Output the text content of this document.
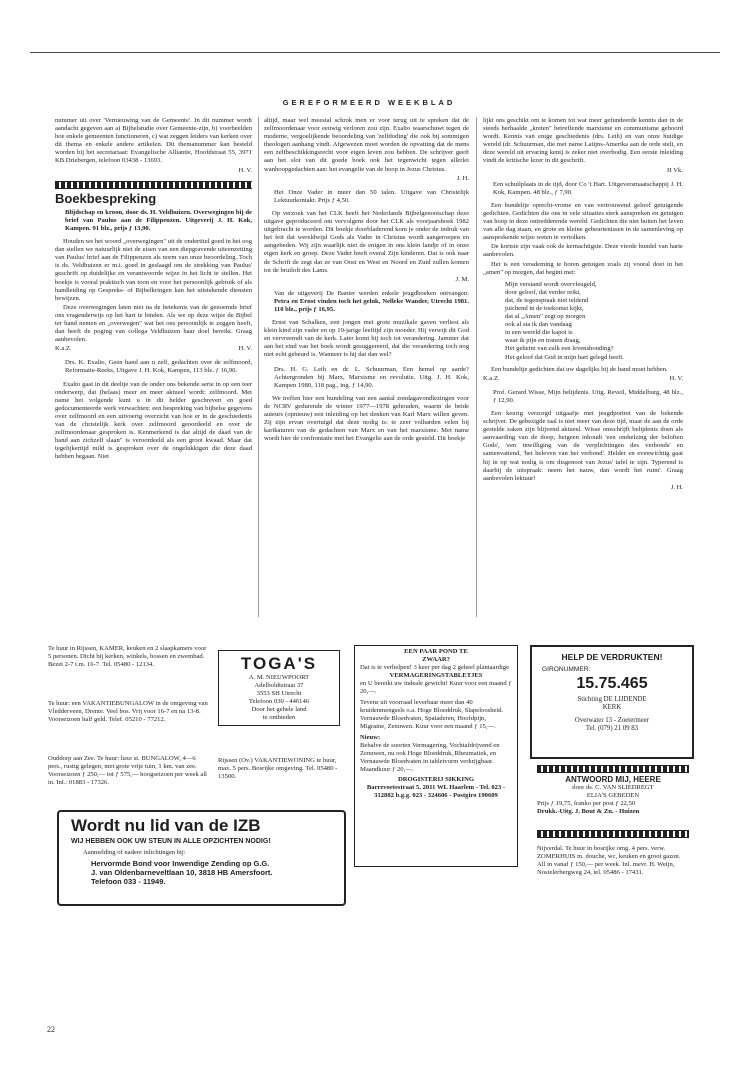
GEREFORMEERD WEEKBLAD

nummer uit over 'Vernieuwing van de Gemeente'. In dit nummer wordt aandacht gegeven aan a) Bijbelstudie over Gemeente-zijn, b) voorbeelden hoe enkele gemeenten functioneren, c) wat zeggen leiders van kerken over dit thema en enkele andere artikelen. Dit themanummer kan besteld worden bij het secretariaat: Evangelische Alliantie, Hoofdstraat 55, 3971 KB Driebergen, telefoon 03438 - 13693.

H. V.

Boekbespreking

Blijdschap en kroon, door ds. H. Veldhuizen. Overwegingen bij de brief van Paulus aan de Filippenzen. Uitgeverij J. H. Kok, Kampen. 91 blz., prijs ƒ 13,90.

Houden we het woord „overwegingen" uit de ondertitel goed in het oog dan stellen we natuurlijk niet de eisen van een diepgravende uiteenzetting van Paulus' brief aan de Filippenzen als norm van onze beoordeling. Toch is ds. Veldhuizen er m.i. goed in geslaagd om de strekking van Paulus' geschrift op duidelijke en verantwoorde wijze in het licht te stellen. Het boekje is vooral praktisch van toon en voor het persoonlijk gebruik of als handleiding op Gespreks- of Bijbelkringen kan het uitstekende diensten bewijzen.

Deze overwegingen laten niet na de betekenis van de genoemde brief ons vragenderwijs op het hart te binden. Als we op deze wijze de Bijbel ter hand nemen en „overwegen" wat het ons persoonlijk te zeggen heeft, dan heeft de poging van collega Veldhuizen haar doel bereikt. Graag aanbevolen.

K.a.Z.	H. V.

Drs. K. Exalto, Geen hand aan u zelf, gedachten over de zelfmoord, Reformatie-Reeks, Uitgave J. H. Kok, Kampen, 113 blz. ƒ 16,90.

Exalto gaat in dit deeltje van de onder ons bekende serie in op een teer onderwerp, dat (helaas) meer en meer aktueel wordt: zelfmoord. Met name het volgende kunt u in dit helder geschreven en goed gedocumenteerde werk verwachten: een bespreking van bijbelse gegevens over zelfmoord en een uitvoerig overzicht van hoe er in de geschiedenis van de christelijk kerk over zelfmoord geoordeeld en over de zelfmoordenaar gesproken is. Kenmerkend is dat altijd de dàad van de hand aan zichzelf slaan" is veroordeeld als een groot kwaad. Maar dat tegelijkertijd mild is gesproken over de ongelukkigen die deze daad hebben begaan. Niet

altijd, maar wel meestal schrok men er voor terug uit te spreken dat de zelfmoordenaar voor eeuwig verloren zou zijn. Exalto waarschuwt tegen de moderne, vergoelijkende beoordeling van 'zelfdoding' die ook bij sommigen theologen aanhang vindt. Afgewezen moet worden de opvatting dat de mens een zelfbeschikkingsrecht voor eigen leven zou hebben. De schrijver geeft aan het slot van dit goede boek ook het tegenwicht tegen allerlei wanhoopgedachten aan: het evangelie van de hoop in Jezus Christus.

J. H.

Het Onze Vader in meer dan 50 talen. Uitgave van Christelijk Lektuurkontakt. Prijs ƒ 4,50.

Op verzoek van het CLK heeft het Nederlands Bijbelgenootschap deze uitgave geproduceerd om vervolgens door het CLK als voorjaarsboek 1982 uitgebracht te worden. Dit boekje doorbladerend kom je onder de indruk van het feit dat wereldwijd Gods als Vader in Christus wordt aangeroepen en aangebeden. Wij zijn waarlijk niet de enigen in ons klein landje of in onze eigen kerk en groep. Deze Vader heeft overal Zijn kinderen. Dat is ook naar de Schrift de zegt dat ze van Oost en West en Noord en Zuid zullen komen tot de bruiloft des Lams.

J. M.

Van de uitgeverij De Banier werden enkele jeugdboeken ontvangen: Petra en Ernst vinden toch het geluk, Nelleke Wander, Utrecht 1981. 110 blz., prijs ƒ 16,95.

Ernst van Schalken, een jongen met grote muzikale gaven verliest als klein kind zijn vader en op 19-jarige leeftijd zijn moeder. Hij verwijt dit God en vervreemdt van de kerk. Later komt hij toch tot verandering. Jammer dat aan het eind van het boek wordt gesuggereerd, dat die verandering toch nog niet echt gebeurd is. Wanneer is hij dat dan wel?

Drs. H. G. Leih en dr. L. Schuurman, Een hemel op aarde? Achtergronden bij Marx, Marxisme en revolutie. Uitg. J. H. Kok, Kampen 1980, 118 pag., ing. ƒ 14,90.

We treffen hier een bundeling van een aantal zondagavondlezingen voor de NCRV gedurende de winter 1977—1978 gehouden, waarin de beide auteurs (opnieuw) een inleiding op het denken van Karl Marx willen geven. Zij zijn ervan overtuigd dat deze nodig is: te zeer volharden velen bij karikaturen van de gedachten van Marx en van het marxisme. Met name wordt hier de confrontatie met het Evangelie aan de orde gesteld. Dit boekje

lijkt ons geschikt om te komen tot wat meer gefundeerde kennis dan in de steeds herhaalde „kreten" betreffende marxisme en communisme gehoord wordt. Kennis van enige geschiedenis (drs. Leih) en van onze huidige wereld (dr. Schuurman, die met name Latijns-Amerika aan de orde stelt, en deze wereld uit ervaring kent) is zeker niet overbodig. Een eerste inleiding vindt de kritische lezer in dit geschrift.

H Vk.

Een schuilplaats in de tijd, door Co 't Hart. Uitgeversmaatschappij J. H. Kok, Kampen. 48 blz., ƒ 7,90.

Een bundeltje oprecht-vrome en van vertrouwend geloof getuigende gedichten. Gedichten die ons in vele situaties sterk aanspreken en getuigen van hoop in deze ontredderende wereld. Gedichten die niet buiten het leven van alle dag staan, en grote en kleine gebeurtenissen in de samenleving op aansprekende wijze weten te vertolken.

De kortste zijn vaak ook de kernachtigste. Deze vierde bundel van harte aanbevolen.

Het is een verademing te horen getuigen zoals zij vooral doet in het „amen" op morgen, dat begint met:

Mijn verstand wordt overvleugeld,
door geloof, dat verder reikt,
dat, de tegenspraak niet teldend
juichend in de toekomst kijkt,
dat al „Amen" zegt op morgen
ook al sta ik dan vandaag
in een wereld die kapot is
waar ik pijn en tranen draag,
Het geheim van zulk een levenshouding?
Het geloof dat God in mijn hart gelegd heeft.

Een bundeltje gedichten dat uw dagelijks bij de hand moet hebben.

K.a.Z.	H. V.

Prof. Gerard Wisse, Mijn belijdenis. Uitg. Reveil, Middelburg, 48 blz., ƒ 12,90.

Een keurig verzorgd uitgaafje met jeugdportret van de bekende schrijver. De gebezigde taal is niet meer van deze tijd, maar de aan de orde gestelde zaken zijn blijvend aktueel. Wisse omschrijft belijdenis doen als aanvaarding van de doop, hetgeen inhoudt 'een omhelzing der beloften Gods', 'een inwilliging van de verplichtingen des verbonds' en samenvattend, 'het beleven van het verbond'. Helder en evenwichtig gaat hij in op wat nodig is om disgenoot van Jezus' tafel te zijn. Typerend is daarbij de uitspraak: neem het nauw, dan wordt het ruim'. Graag aanbevolen lektuur!

J. H.

Te huur in Rijssen, KAMER, keuken en 2 slaapkamers voor 5 personen. Dicht bij kerken, winkels, bossen en zwembad. Bezet 2-7 t.m. 16-7. Tel. 05480 - 12134.
Te huur: een VAKANTIEBUNGALOW in de omgeving van Vledderveen, Drente. Veel bos. Vrij voor 16-7 en na 13-8. Voorseizoen half geld. Telef. 05210 - 77212.
Ouddorp aan Zee. Te huur: luxe st. BUNGALOW, 4—6 pers., rustig gelegen, met grote vrije tuin, 1 km. van zee. Voorseizoen ƒ 250,— tot ƒ 575,— hoogseizoen per week all in. Inl.: 01883 - 17326.
TOGA'S
A. M. NIEUWPOORT
Adelboldtstraat 37
3553 SH Utrecht
Telefoon 030 - 446146
Door het gehele land
te ontbieden
Rijssen (Ov.) VAKANTIEWONING te huur, max. 5 pers. Bosrijke omgeving. Tel. 05480 - 13500.
EEN PAAR POND TE
ZWAAR?
Dat is te verhelpen! 3 keer per dag 2 geheel plantaardige
VERMAGERINGSTABLETJES
en U bereikt uw indeale gewicht! Kuur voor een maand ƒ 20,—.
Tevens uit voorraad leverbaar meer dan 40 kruidenmengsels o.a. Hoge Bloeddruk, Slapeloosheid. Vernauwde Bloedvaten, Spataderen, Hoofdpijn, Migraine, Zenuwen. Kuur voor een maand ƒ 15,—.
Nieuw:
Behalve de soorten Vermagering, Vochtafdrijvend en Zenuwen, nu ook Hoge Bloeddruk, Rheumatiek, en Vernauwde Bloedvaten in tabletvorm verkrijgbaar. Maandkuur ƒ 20,—.
DROGISTERIJ SIKKING
Barrevoetestraat 5, 2011 WL Haarlem - Tel. 023 - 312882 b.g.g. 023 - 324606 - Postgiro 190609
HELP DE VERDRUKTEN!
GIRONUMMER:
15.75.465
Stichting DE LIJDENDE
KERK
Overwater 13 - Zoetermeer
Tel. (079) 21 09 83
ANTWOORD MIJ, HEERE
door ds. C. VAN SLIEDREGT
ELIA'S GEBEDEN
Prijs ƒ 19,75, franko per post ƒ 22,50
Drukk.-Uitg. J. Bout & Zn. - Huizen
Nijverdal. Te huur in bosrijke omg. 4 pers. verw. ZOMERHUIS m. douche, wc, keuken en groot gazon. All in vanaf ƒ 150,— per week. Inl. mevr. H. Weijn, Nostelerbergweg 24, tel. 05486 - 17431.
Wordt nu lid van de IZB
WIJ HEBBEN OOK UW STEUN IN ALLE OPZICHTEN NODIG!
Aanmelding of nadere inlichtingen bij:
Hervormde Bond voor Inwendige Zending op G.G.
J. van Oldenbarneveltlaan 10, 3818 HB Amersfoort.
Telefoon 033 - 11949.
22
